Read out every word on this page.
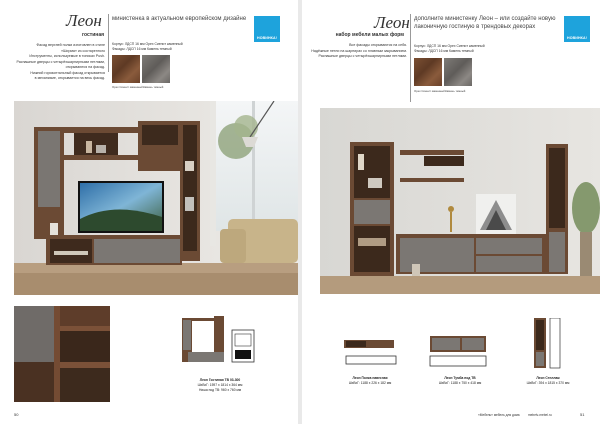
Леон
гостиная
министенка в актуальном европейском дизайне
НОВИНКА!
Фасад верхней полки изготовлен в стиле
«Ширма» из состаренного
Инструменты, используемые в тониках Push.
Распашные дверцы с четырёхшарнирными петлями,
открываются на фасад.
Нижний горизонтальный фасад открывается
в механизме, открывается на весь фасад.
Корпус: ЛДСП 16 мм Орех Сиенит каменный
Фасады: ЛДСП 16 мм Камень темный
Орех Сиенит каменный Камень темный
Леон Гостиная ТВ 03-300
ШхВхГ: 1597 х 1814 х 364 мм
Ниша под ТВ: 960 х 760 мм
50
Леон
набор мебели малых форм
дополните министенку Леон – или создайте новую лаконичную гостиную в трендовых декорах
НОВИНКА!
Все фасады открываются на себя.
Надёжные петли на шарнирах со плавным закрыванием.
Распашные дверцы с четырёхшарнирными петлями.
Корпус: ЛДСП 16 мм Орех Сиенит каменный
Фасады: ЛДСП 16 мм Камень темный
Орех Сиенит каменный Камень темный
Леон Полка навесная
ШхВхГ: 1188 х 226 х 182 мм
Леон Тумба под ТВ
ШхВхГ: 1188 х 750 х 418 мм
Леон Стеллаж
ШхВхГ: 394 х 1815 х 370 мм
«Мебель» мебель для дома	mebelv-mebel.ru	51
